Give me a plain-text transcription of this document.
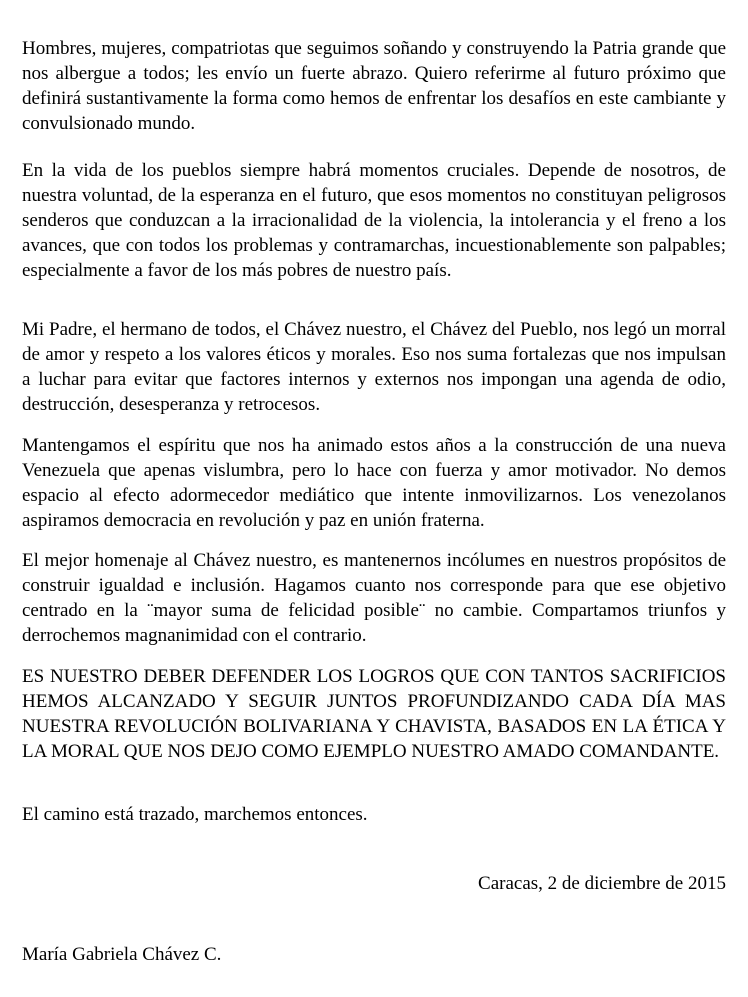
Hombres, mujeres, compatriotas que seguimos soñando y construyendo la Patria grande que nos albergue a todos; les envío un fuerte abrazo. Quiero referirme al futuro próximo que definirá sustantivamente la forma como hemos de enfrentar los desafíos en este cambiante y convulsionado mundo.

En la vida de los pueblos siempre habrá momentos cruciales. Depende de nosotros, de nuestra voluntad, de la esperanza en el futuro, que esos momentos no constituyan peligrosos senderos que conduzcan a la irracionalidad de la violencia, la intolerancia y el freno a los avances, que con todos los problemas y contramarchas, incuestionablemente son palpables; especialmente a favor de los más pobres de nuestro país.

Mi Padre, el hermano de todos, el Chávez nuestro, el Chávez del Pueblo, nos legó un morral de amor y respeto a los valores éticos y morales. Eso nos suma fortalezas que nos impulsan a luchar para evitar que factores internos y externos nos impongan una agenda de odio, destrucción, desesperanza y retrocesos.

Mantengamos el espíritu que nos ha animado estos años a la construcción de una nueva Venezuela que apenas vislumbra, pero lo hace con fuerza y amor motivador. No demos espacio al efecto adormecedor mediático que intente inmovilizarnos. Los venezolanos aspiramos democracia en revolución y paz en unión fraterna.

El mejor homenaje al Chávez nuestro, es mantenernos incólumes en nuestros propósitos de construir igualdad e inclusión. Hagamos cuanto nos corresponde para que ese objetivo centrado en la ¨mayor suma de felicidad posible¨ no cambie. Compartamos triunfos y derrochemos magnanimidad con el contrario.

ES NUESTRO DEBER DEFENDER LOS LOGROS QUE CON TANTOS SACRIFICIOS HEMOS ALCANZADO Y SEGUIR JUNTOS PROFUNDIZANDO CADA DÍA MAS NUESTRA REVOLUCIÓN BOLIVARIANA Y CHAVISTA, BASADOS EN LA ÉTICA Y LA MORAL QUE NOS DEJO COMO EJEMPLO NUESTRO AMADO COMANDANTE.

El camino está trazado, marchemos entonces.

Caracas, 2 de diciembre de 2015

María Gabriela Chávez C.
